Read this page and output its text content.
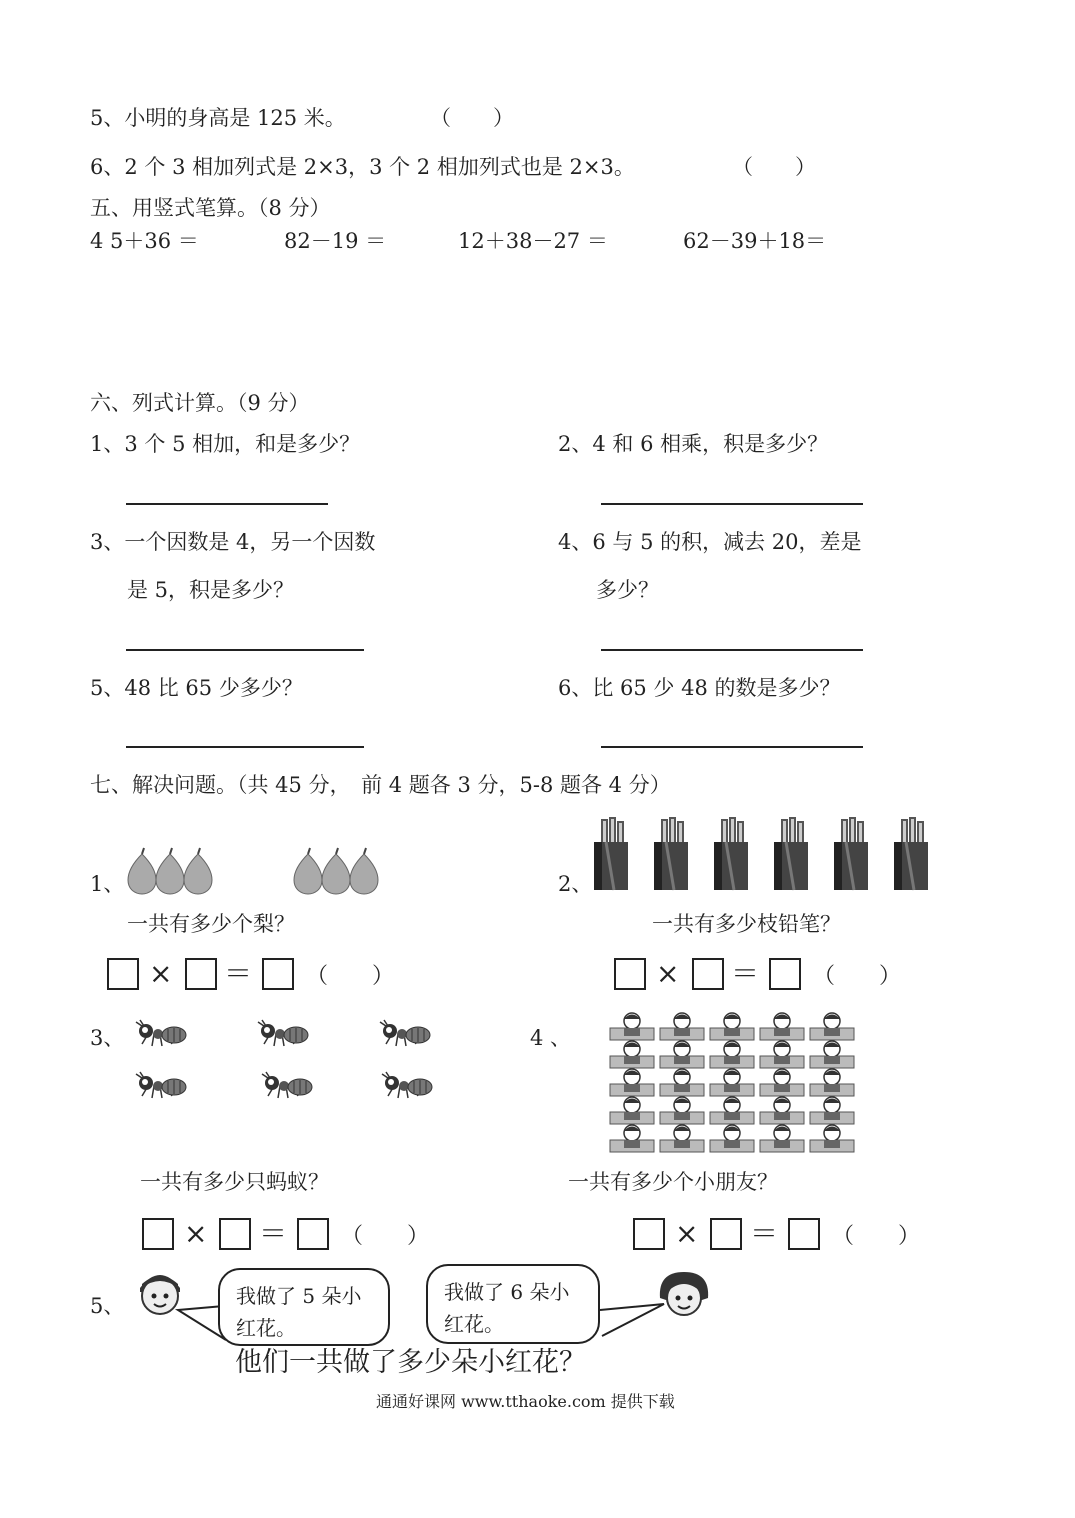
5、小明的身高是 125 米。	（　　）
6、2 个 3 相加列式是 2×3，3 个 2 相加列式也是 2×3。	（　　）
五、用竖式笔算。（8 分）
4 5＋36 ＝	82－19 ＝	12＋38－27 ＝	62－39＋18＝
六、列式计算。（9 分）
1、3 个 5 相加，和是多少？	2、4 和 6 相乘，积是多少？
3、一个因数是 4，另一个因数	4、6 与 5 的积，减去 20，差是
是 5，积是多少？	多少？
5、48 比 65 少多少？	6、比 65 少 48 的数是多少？
七、解决问题。（共 45 分，　前 4 题各 3 分，5-8 题各 4 分）
1、
一共有多少个梨？
× ＝ （　　）
2、
一共有多少枝铅笔？
× ＝ （　　）
3、
一共有多少只蚂蚁？
× ＝ （　　）
4 、
一共有多少个小朋友？
× ＝ （　　）
5、	我做了 5 朵小红花。
我做了 6 朵小红花。
他们一共做了多少朵小红花？
通通好课网 www.tthaoke.com 提供下载
